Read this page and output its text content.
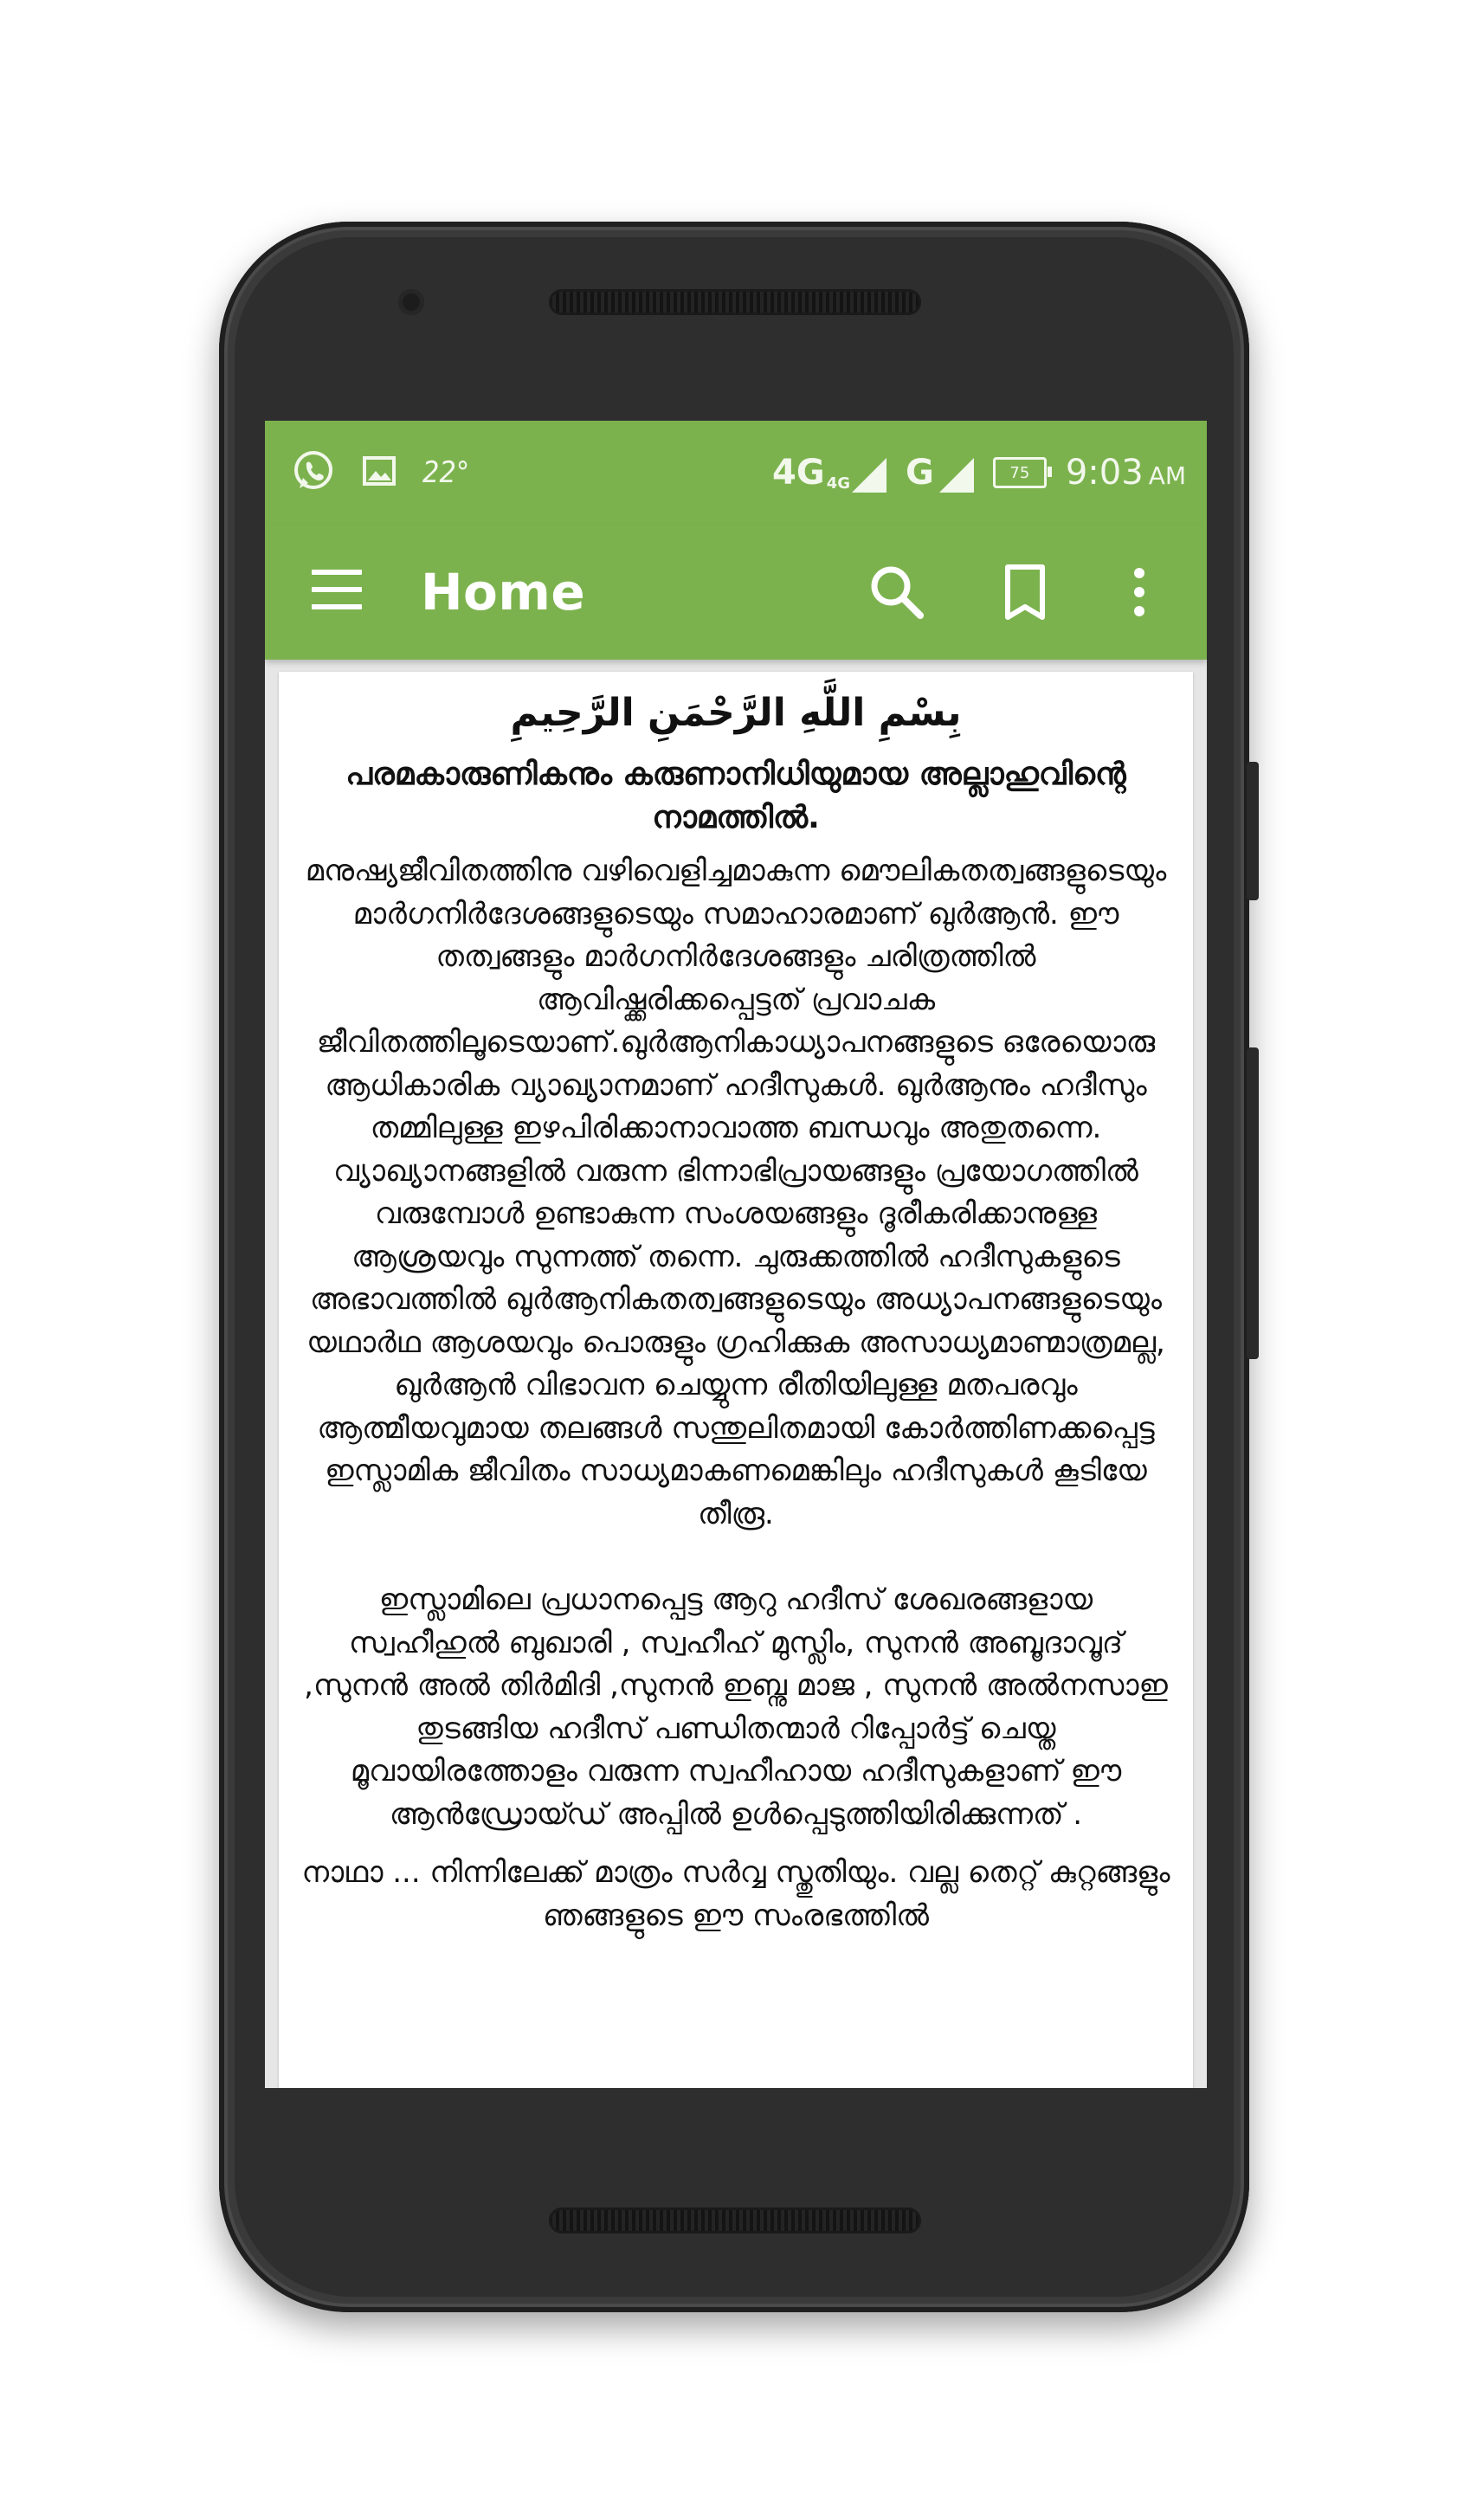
22°	$4G_{4G}$ G	75 9:03 AM
Home
بِسْمِ اللَّهِ الرَّحْمَنِ الرَّحِيمِ
പരമകാരുണികനും കരുണാനിധിയുമായ അല്ലാഹുവിന്റെ നാമത്തിൽ.
മനുഷ്യജീവിതത്തിനു വഴിവെളിച്ചമാകുന്ന മൌലികതത്വങ്ങളുടെയും മാർഗനിർദേശങ്ങളുടെയും സമാഹാരമാണ് ഖുർആൻ. ഈ തത്വങ്ങളും മാർഗനിർദേശങ്ങളും ചരിത്രത്തിൽ ആവിഷ്ക്കരിക്കപ്പെട്ടത് പ്രവാചക ജീവിതത്തിലൂടെയാണ്.ഖുർആനികാധ്യാപനങ്ങളുടെ ഒരേയൊരു ആധികാരിക വ്യാഖ്യാനമാണ് ഹദീസുകൾ. ഖുർആനും ഹദീസും തമ്മിലുള്ള ഇഴപിരിക്കാനാവാത്ത ബന്ധവും അതുതന്നെ. വ്യാഖ്യാനങ്ങളിൽ വരുന്ന ഭിന്നാഭിപ്രായങ്ങളും പ്രയോഗത്തിൽ വരുമ്പോൾ ഉണ്ടാകുന്ന സംശയങ്ങളും ദൂരീകരിക്കാനുള്ള ആശ്രയവും സുന്നത്ത് തന്നെ. ചുരുക്കത്തിൽ ഹദീസുകളുടെ അഭാവത്തിൽ ഖുർആനികതത്വങ്ങളുടെയും അധ്യാപനങ്ങളുടെയും യഥാർഥ ആശയവും പൊരുളും ഗ്രഹിക്കുക അസാധ്യമാണ്മാത്രമല്ല, ഖുർആൻ വിഭാവന ചെയ്യുന്ന രീതിയിലുള്ള മതപരവും ആത്മീയവുമായ തലങ്ങൾ സന്തുലിതമായി കോർത്തിണക്കപ്പെട്ട ഇസ്ലാമിക ജീവിതം സാധ്യമാകണമെങ്കിലും ഹദീസുകൾ കൂടിയേ തീരൂ.
ഇസ്ലാമിലെ പ്രധാനപ്പെട്ട ആറു ഹദീസ് ശേഖരങ്ങളായ സ്വഹീഹുൽ ബുഖാരി , സ്വഹീഹ് മുസ്ലിം, സുനൻ അബൂദാവൂദ് ,സുനൻ അൽ തിർമിദി ,സുനൻ ഇബ്നു മാജ , സുനൻ അൽനസാഇ തുടങ്ങിയ ഹദീസ് പണ്ഡിതന്മാർ റിപ്പോർട്ട് ചെയ്ത മൂവായിരത്തോളം വരുന്ന സ്വഹീഹായ ഹദീസുകളാണ് ഈ ആൻഡ്രോയ്ഡ് അപ്പിൽ ഉൾപ്പെടുത്തിയിരിക്കുന്നത് .
നാഥാ ... നിന്നിലേക്ക് മാത്രം സർവ്വ സ്തുതിയും. വല്ല തെറ്റ് കുറ്റങ്ങളും ഞങ്ങളുടെ ഈ സംരഭത്തിൽ
